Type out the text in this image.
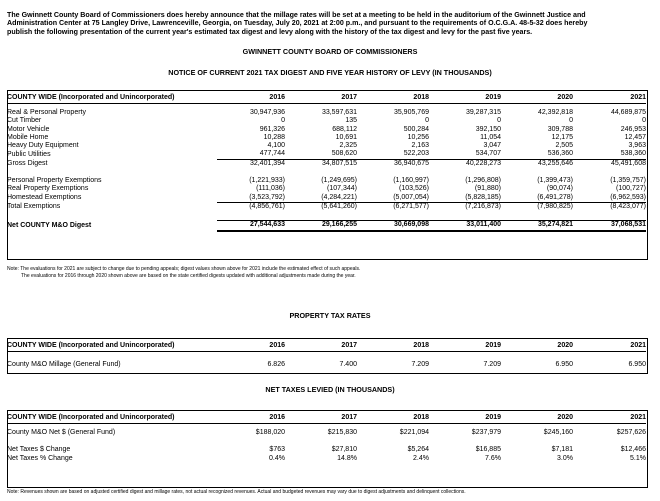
The Gwinnett County Board of Commissioners does hereby announce that the millage rates will be set at a meeting to be held in the auditorium of the Gwinnett Justice and
Administration Center at 75 Langley Drive, Lawrenceville, Georgia, on Tuesday, July 20, 2021 at 2:00 p.m., and pursuant to the requirements of O.C.G.A. 48-5-32 does hereby
publish the following presentation of the current year's estimated tax digest and levy along with the history of the tax digest and levy for the past five years.
GWINNETT COUNTY BOARD OF COMMISSIONERS
NOTICE OF CURRENT 2021 TAX DIGEST AND FIVE YEAR HISTORY OF LEVY (IN THOUSANDS)
COUNTY WIDE (Incorporated and Unincorporated)	2016	2017	2018	2019	2020	2021

Real & Personal Property	30,947,936	33,597,631	35,905,769	39,287,315	42,392,818	44,689,875
Cut Timber	0	135	0	0	0	0
Motor Vehicle	961,326	688,112	500,284	392,150	309,788	246,953
Mobile Home	10,288	10,691	10,256	11,054	12,175	12,457
Heavy Duty Equipment	4,100	2,325	2,163	3,047	2,505	3,963
Public Utilities	477,744	508,620	522,203	534,707	536,360	538,360
Gross Digest	32,401,394	34,807,515	36,940,675	40,228,273	43,255,646	45,491,608

Personal Property Exemptions	(1,221,933)	(1,249,695)	(1,160,997)	(1,296,808)	(1,399,473)	(1,359,757)
Real Property Exemptions	(111,036)	(107,344)	(103,526)	(91,880)	(90,074)	(100,727)
Homestead Exemptions	(3,523,792)	(4,284,221)	(5,007,054)	(5,828,185)	(6,491,278)	(6,962,593)
Total Exemptions	(4,856,761)	(5,641,260)	(6,271,577)	(7,216,873)	(7,980,825)	(8,423,077)

Net COUNTY M&O Digest	27,544,633	29,166,255	30,669,098	33,011,400	35,274,821	37,068,531
Note: The evaluations for 2021 are subject to change due to pending appeals; digest values shown above for 2021 include the estimated effect of such appeals.
The evaluations for 2016 through 2020 shown above are based on the state certified digests updated with additional adjustments made during the year.
PROPERTY TAX RATES
COUNTY WIDE (Incorporated and Unincorporated)	2016	2017	2018	2019	2020	2021

County M&O Millage (General Fund)	6.826	7.400	7.209	7.209	6.950	6.950
NET TAXES LEVIED (IN THOUSANDS)
COUNTY WIDE (Incorporated and Unincorporated)	2016	2017	2018	2019	2020	2021

County M&O Net $ (General Fund)	$188,020	$215,830	$221,094	$237,979	$245,160	$257,626

Net Taxes $ Change	$763	$27,810	$5,264	$16,885	$7,181	$12,466
Net Taxes % Change	0.4%	14.8%	2.4%	7.6%	3.0%	5.1%
Note: Revenues shown are based on adjusted certified digest and millage rates, not actual recognized revenues. Actual and budgeted revenues may vary due to digest adjustments and delinquent collections.
